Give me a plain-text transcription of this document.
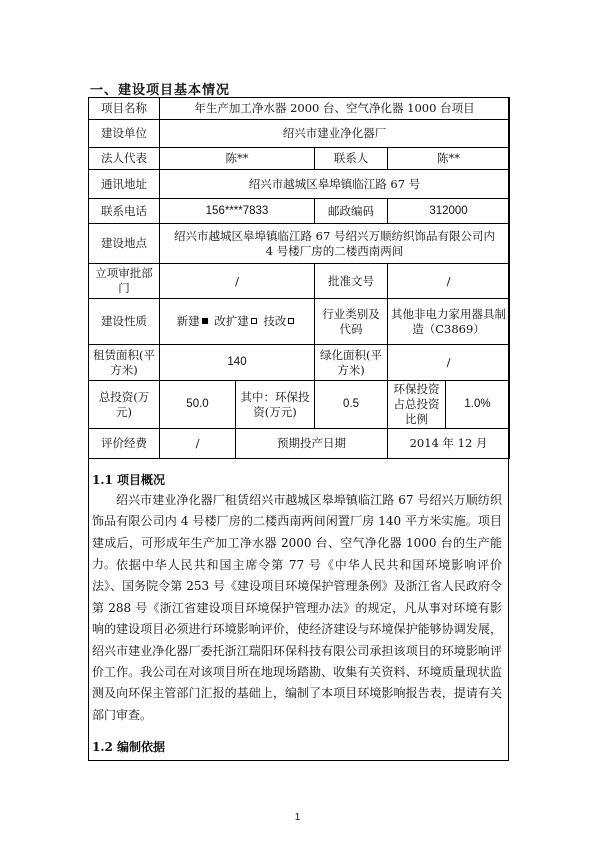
一、建设项目基本情况
项目名称	年生产加工净水器 2000 台、空气净化器 1000 台项目				
建设单位	绍兴市建业净化器厂				
法人代表	陈**		联系人	陈**	
通讯地址	绍兴市越城区皋埠镇临江路 67 号				
联系电话	156****7833		邮政编码	312000	
建设地点	绍兴市越城区皋埠镇临江路 67 号绍兴万顺纺织饰品有限公司内
4 号楼厂房的二楼西南两间				

立项审批部门	/		批准文号	/	
建设性质	新建 改扩建 技改		行业类别及代码	其他非电力家用器具制造（C3869）	
租赁面积(平方米)	140		绿化面积(平方米)	/	
总投资(万元)	50.0	其中：环保投资(万元)	0.5	环保投资占总投资比例	1.0%
评价经费	/	预期投产日期		2014 年 12 月	
1.1 项目概况

绍兴市建业净化器厂租赁绍兴市越城区皋埠镇临江路 67 号绍兴万顺纺织饰品有限公司内 4 号楼厂房的二楼西南两间闲置厂房 140 平方米实施。项目建成后，可形成年生产加工净水器 2000 台、空气净化器 1000 台的生产能力。 依据中华人民共和国主席令第 77 号《中华人民共和国环境影响评价法》、国务院令第 253 号《建设项目环境保护管理条例》及浙江省人民政府令第 288 号《浙江省建设项目环境保护管理办法》的规定，凡从事对环境有影响的建设项目必须进行环境影响评价，使经济建设与环境保护能够协调发展，绍兴市建业净化器厂委托浙江瑞阳环保科技有限公司承担该项目的环境影响评价工作。我公司在对该项目所在地现场踏勘、收集有关资料、环境质量现状监测及向环保主管部门汇报的基础上，编制了本项目环境影响报告表，提请有关部门审查。

1.2 编制依据
1
